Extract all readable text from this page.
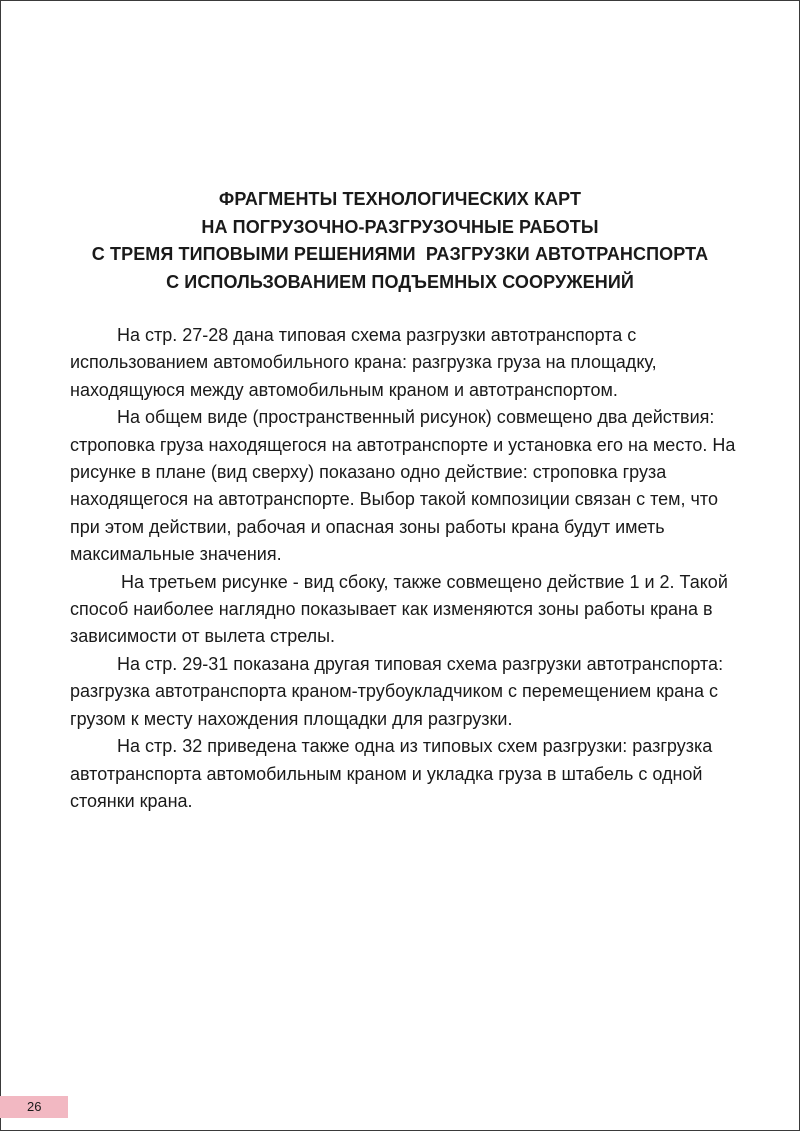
ФРАГМЕНТЫ ТЕХНОЛОГИЧЕСКИХ КАРТ
НА ПОГРУЗОЧНО-РАЗГРУЗОЧНЫЕ РАБОТЫ
С ТРЕМЯ ТИПОВЫМИ РЕШЕНИЯМИ  РАЗГРУЗКИ АВТОТРАНСПОРТА
С ИСПОЛЬЗОВАНИЕМ ПОДЪЕМНЫХ СООРУЖЕНИЙ

На стр. 27-28 дана типовая схема разгрузки автотранспорта с использованием автомобильного крана: разгрузка груза на площадку, находящуюся между автомобильным краном и автотранспортом.

На общем виде (пространственный рисунок) совмещено два действия: строповка груза находящегося на автотранспорте и установка его на место. На рисунке в плане (вид сверху) показано одно действие: строповка груза находящегося на автотранспорте. Выбор такой композиции связан с тем, что при этом действии, рабочая и опасная зоны работы крана будут иметь максимальные значения.

На третьем рисунке - вид сбоку, также совмещено действие 1 и 2. Такой способ наиболее наглядно показывает как изменяются зоны работы крана в зависимости от вылета стрелы.

На стр. 29-31 показана другая типовая схема разгрузки автотранспорта: разгрузка автотранспорта краном-трубоукладчиком с перемещением крана с грузом к месту нахождения площадки для разгрузки.

На стр. 32 приведена также одна из типовых схем разгрузки: разгрузка автотранспорта автомобильным краном и укладка груза в штабель с одной стоянки крана.

26
